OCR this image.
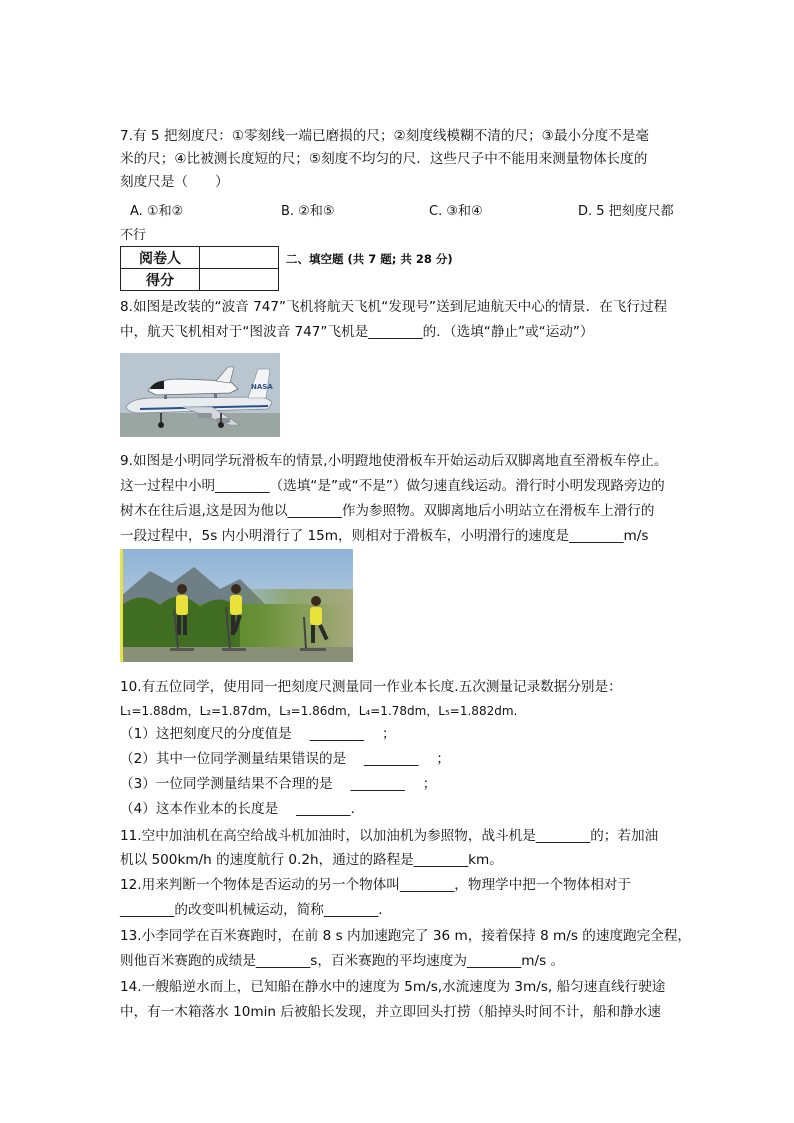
7.有 5 把刻度尺：①零刻线一端已磨损的尺；②刻度线模糊不清的尺；③最小分度不是毫
米的尺；④比被测长度短的尺；⑤刻度不均匀的尺．这些尺子中不能用来测量物体长度的
刻度尺是（　　）
A. ①和②	B. ②和⑤	C. ③和④	D. 5 把刻度尺都
不行
阅卷人	
得分	
二、填空题 (共 7 题; 共 28 分)
8.如图是改装的“波音 747”飞机将航天飞机“发现号”送到尼迪航天中心的情景．在飞行过程
中，航天飞机相对于“图波音 747”飞机是________的．（选填“静止”或“运动”）
NASA
9.如图是小明同学玩滑板车的情景,小明蹬地使滑板车开始运动后双脚离地直至滑板车停止。
这一过程中小明________（选填“是”或“不是”）做匀速直线运动。滑行时小明发现路旁边的
树木在往后退,这是因为他以________作为参照物。双脚离地后小明站立在滑板车上滑行的
一段过程中，5s 内小明滑行了 15m，则相对于滑板车，小明滑行的速度是________m/s
10.有五位同学，使用同一把刻度尺测量同一作业本长度.五次测量记录数据分别是：
L₁=1.88dm，L₂=1.87dm，L₃=1.86dm，L₄=1.78dm，L₅=1.882dm.
（1）这把刻度尺的分度值是　 ________　 ；
（2）其中一位同学测量结果错误的是　 ________　 ；
（3）一位同学测量结果不合理的是　 ________　 ；
（4）这本作业本的长度是　 ________.
11.空中加油机在高空给战斗机加油时，以加油机为参照物，战斗机是________的；若加油
机以 500km/h 的速度航行 0.2h，通过的路程是________km。
12.用来判断一个物体是否运动的另一个物体叫________，物理学中把一个物体相对于
________的改变叫机械运动，简称________.
13.小李同学在百米赛跑时，在前 8 s 内加速跑完了 36 m，接着保持 8 m/s 的速度跑完全程，
则他百米赛跑的成绩是________s，百米赛跑的平均速度为________m/s 。
14.一艘船逆水而上，已知船在静水中的速度为 5m/s,水流速度为 3m/s, 船匀速直线行驶途
中，有一木箱落水 10min 后被船长发现，并立即回头打捞（船掉头时间不计，船和静水速
